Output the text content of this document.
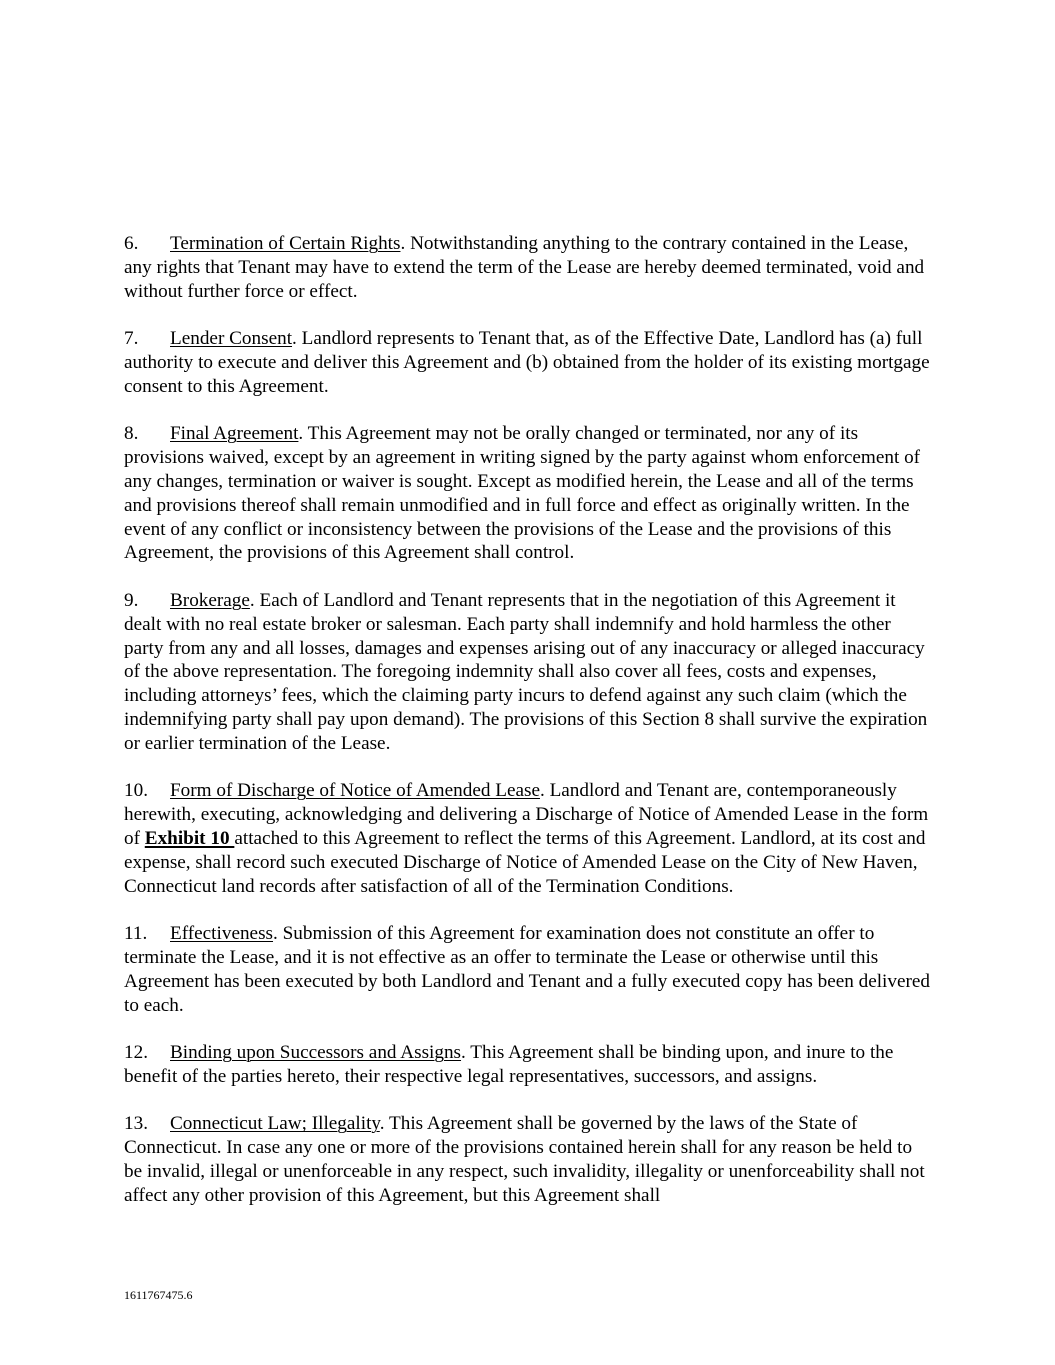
6. Termination of Certain Rights. Notwithstanding anything to the contrary contained in the Lease, any rights that Tenant may have to extend the term of the Lease are hereby deemed terminated, void and without further force or effect.

7. Lender Consent. Landlord represents to Tenant that, as of the Effective Date, Landlord has (a) full authority to execute and deliver this Agreement and (b) obtained from the holder of its existing mortgage consent to this Agreement.

8. Final Agreement. This Agreement may not be orally changed or terminated, nor any of its provisions waived, except by an agreement in writing signed by the party against whom enforcement of any changes, termination or waiver is sought. Except as modified herein, the Lease and all of the terms and provisions thereof shall remain unmodified and in full force and effect as originally written. In the event of any conflict or inconsistency between the provisions of the Lease and the provisions of this Agreement, the provisions of this Agreement shall control.

9. Brokerage. Each of Landlord and Tenant represents that in the negotiation of this Agreement it dealt with no real estate broker or salesman. Each party shall indemnify and hold harmless the other party from any and all losses, damages and expenses arising out of any inaccuracy or alleged inaccuracy of the above representation. The foregoing indemnity shall also cover all fees, costs and expenses, including attorneys’ fees, which the claiming party incurs to defend against any such claim (which the indemnifying party shall pay upon demand). The provisions of this Section 8 shall survive the expiration or earlier termination of the Lease.

10. Form of Discharge of Notice of Amended Lease. Landlord and Tenant are, contemporaneously herewith, executing, acknowledging and delivering a Discharge of Notice of Amended Lease in the form of Exhibit 10 attached to this Agreement to reflect the terms of this Agreement. Landlord, at its cost and expense, shall record such executed Discharge of Notice of Amended Lease on the City of New Haven, Connecticut land records after satisfaction of all of the Termination Conditions.

11. Effectiveness. Submission of this Agreement for examination does not constitute an offer to terminate the Lease, and it is not effective as an offer to terminate the Lease or otherwise until this Agreement has been executed by both Landlord and Tenant and a fully executed copy has been delivered to each.

12. Binding upon Successors and Assigns. This Agreement shall be binding upon, and inure to the benefit of the parties hereto, their respective legal representatives, successors, and assigns.

13. Connecticut Law; Illegality. This Agreement shall be governed by the laws of the State of Connecticut. In case any one or more of the provisions contained herein shall for any reason be held to be invalid, illegal or unenforceable in any respect, such invalidity, illegality or unenforceability shall not affect any other provision of this Agreement, but this Agreement shall

1611767475.6
